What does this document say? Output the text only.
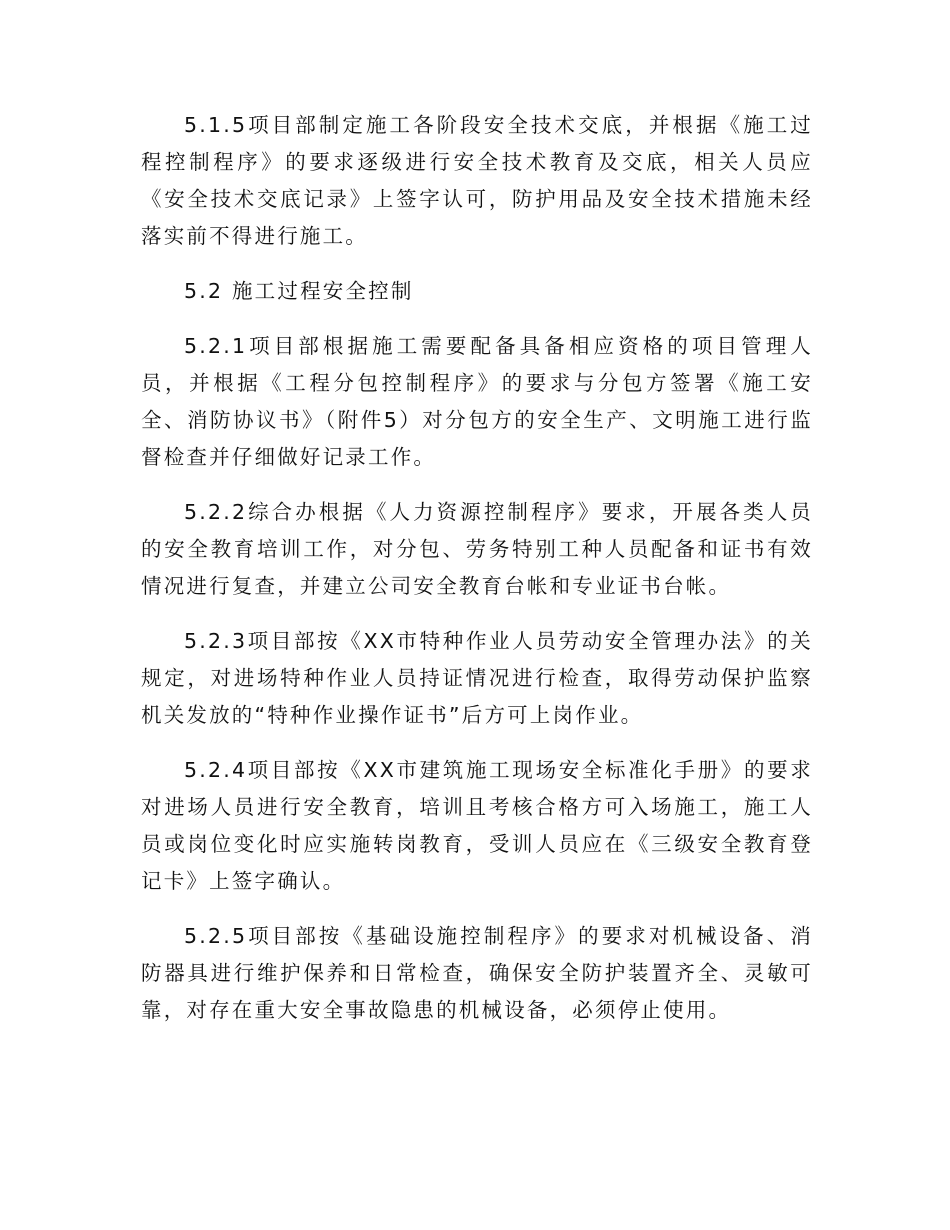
5.1.5项目部制定施工各阶段安全技术交底，并根据《施工过程控制程序》的要求逐级进行安全技术教育及交底，相关人员应《安全技术交底记录》上签字认可，防护用品及安全技术措施未经落实前不得进行施工。

5.2 施工过程安全控制

5.2.1项目部根据施工需要配备具备相应资格的项目管理人员，并根据《工程分包控制程序》的要求与分包方签署《施工安全、消防协议书》（附件5）对分包方的安全生产、文明施工进行监督检查并仔细做好记录工作。

5.2.2综合办根据《人力资源控制程序》要求，开展各类人员的安全教育培训工作，对分包、劳务特别工种人员配备和证书有效情况进行复查，并建立公司安全教育台帐和专业证书台帐。

5.2.3项目部按《XX市特种作业人员劳动安全管理办法》的关规定，对进场特种作业人员持证情况进行检查，取得劳动保护监察机关发放的“特种作业操作证书”后方可上岗作业。

5.2.4项目部按《XX市建筑施工现场安全标准化手册》的要求对进场人员进行安全教育，培训且考核合格方可入场施工，施工人员或岗位变化时应实施转岗教育，受训人员应在《三级安全教育登记卡》上签字确认。

5.2.5项目部按《基础设施控制程序》的要求对机械设备、消防器具进行维护保养和日常检查，确保安全防护装置齐全、灵敏可靠，对存在重大安全事故隐患的机械设备，必须停止使用。
